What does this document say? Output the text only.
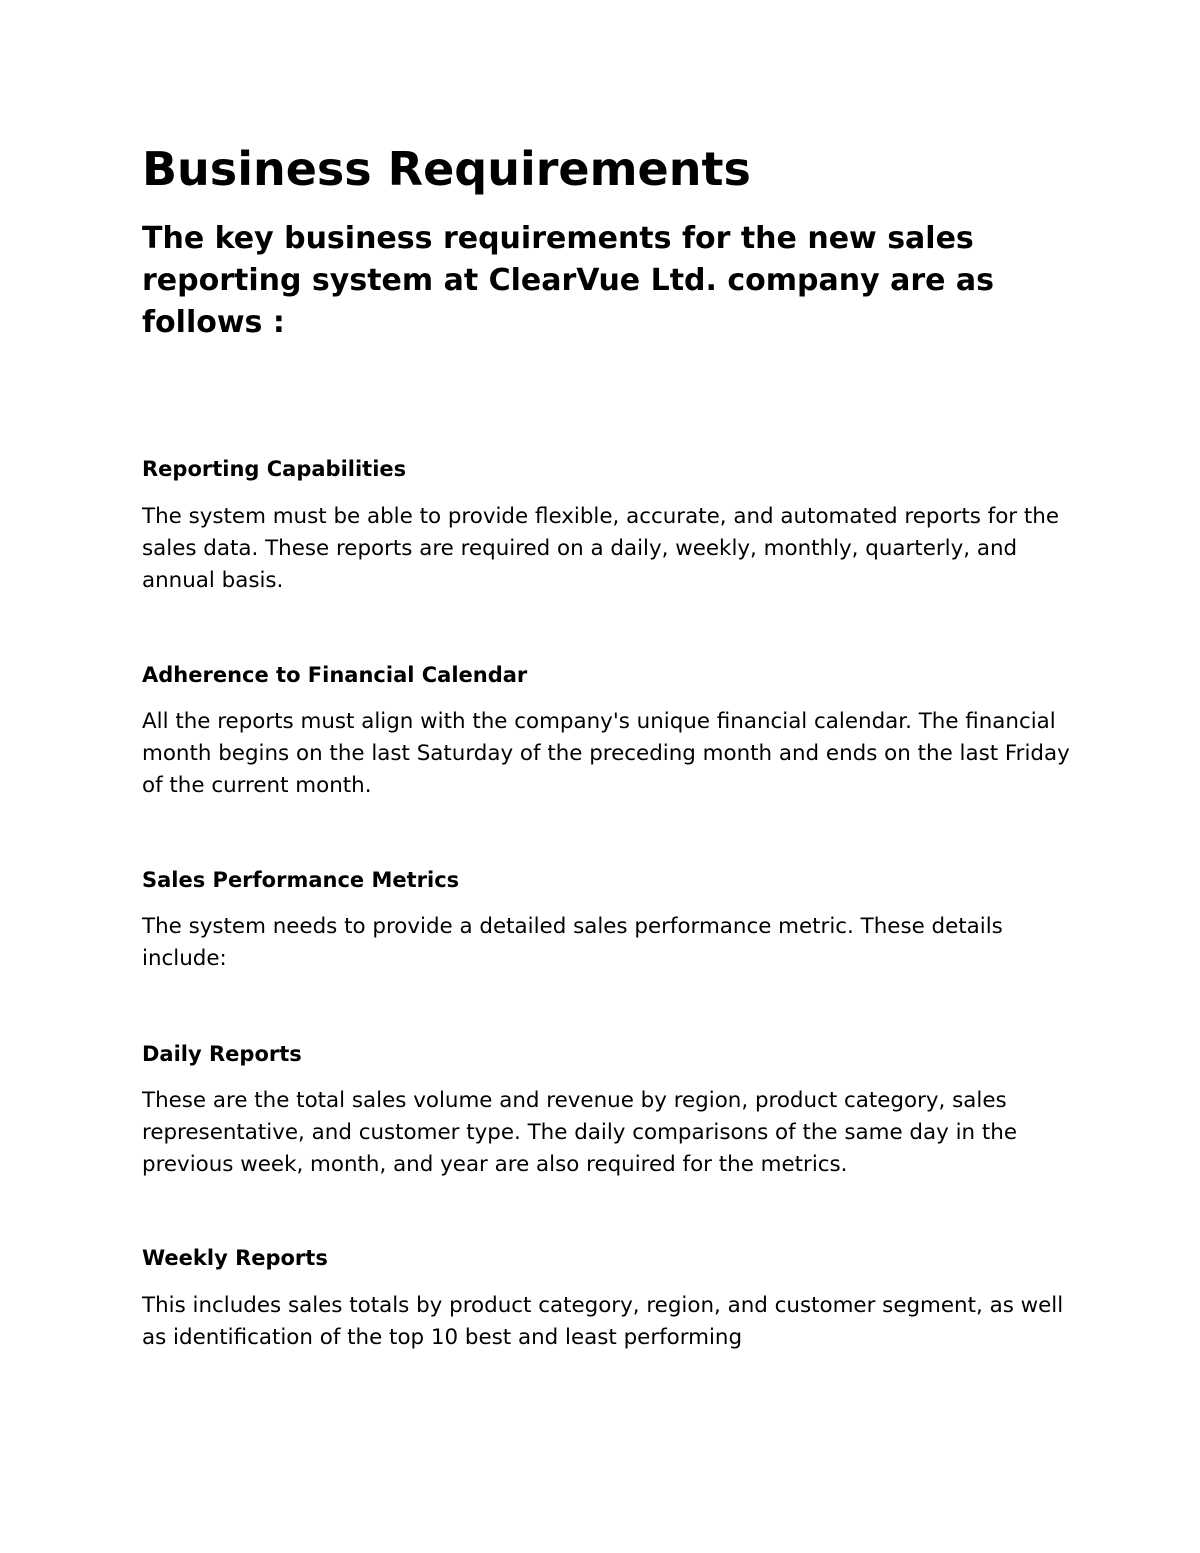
Business Requirements
The key business requirements for the new sales reporting system at ClearVue Ltd. company are as follows :
Reporting Capabilities

The system must be able to provide flexible, accurate, and automated reports for the sales data. These reports are required on a daily, weekly, monthly, quarterly, and annual basis.

Adherence to Financial Calendar

All the reports must align with the company's unique financial calendar. The financial month begins on the last Saturday of the preceding month and ends on the last Friday of the current month.

Sales Performance Metrics

The system needs to provide a detailed sales performance metric. These details include:

Daily Reports

These are the total sales volume and revenue by region, product category, sales representative, and customer type. The daily comparisons of the same day in the previous week, month, and year are also required for the metrics.

Weekly Reports

This includes sales totals by product category, region, and customer segment, as well as identification of the top 10 best and least performing
